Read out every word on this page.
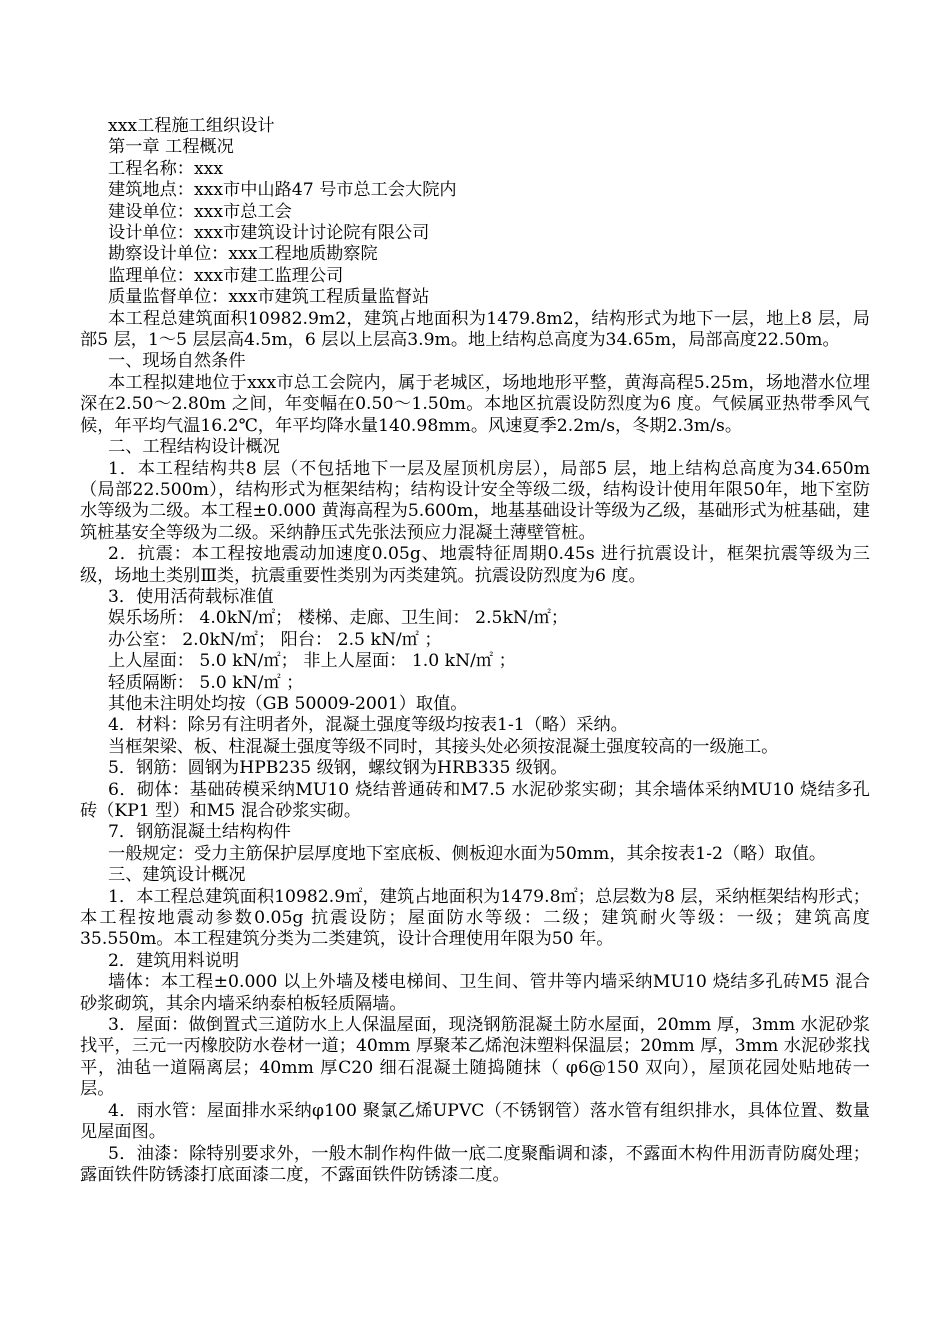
xxx工程施工组织设计

第一章 工程概况

工程名称：xxx

建筑地点：xxx市中山路47 号市总工会大院内

建设单位：xxx市总工会

设计单位：xxx市建筑设计讨论院有限公司

勘察设计单位：xxx工程地质勘察院

监理单位：xxx市建工监理公司

质量监督单位：xxx市建筑工程质量监督站

本工程总建筑面积10982.9m2，建筑占地面积为1479.8m2，结构形式为地下一层，地上8 层，局部5 层，1～5 层层高4.5m，6 层以上层高3.9m。地上结构总高度为34.65m，局部高度22.50m。

一、现场自然条件

本工程拟建地位于xxx市总工会院内，属于老城区，场地地形平整，黄海高程5.25m，场地潜水位埋深在2.50～2.80m 之间，年变幅在0.50～1.50m。本地区抗震设防烈度为6 度。气候属亚热带季风气候，年平均气温16.2℃，年平均降水量140.98mm。风速夏季2.2m/s，冬期2.3m/s。

二、工程结构设计概况

1．本工程结构共8 层（不包括地下一层及屋顶机房层），局部5 层，地上结构总高度为34.650m（局部22.500m），结构形式为框架结构；结构设计安全等级二级，结构设计使用年限50年，地下室防水等级为二级。本工程±0.000 黄海高程为5.600m，地基基础设计等级为乙级，基础形式为桩基础，建筑桩基安全等级为二级。采纳静压式先张法预应力混凝土薄壁管桩。

2．抗震：本工程按地震动加速度0.05g、地震特征周期0.45s 进行抗震设计，框架抗震等级为三级，场地土类别Ⅲ类，抗震重要性类别为丙类建筑。抗震设防烈度为6 度。

3．使用活荷载标准值

娱乐场所： 4.0kN/㎡； 楼梯、走廊、卫生间： 2.5kN/㎡；

办公室： 2.0kN/㎡； 阳台： 2.5 kN/㎡ ；

上人屋面： 5.0 kN/㎡； 非上人屋面： 1.0 kN/㎡ ；

轻质隔断： 5.0 kN/㎡ ；

其他未注明处均按（GB 50009-2001）取值。

4．材料：除另有注明者外，混凝土强度等级均按表1-1（略）采纳。

当框架梁、板、柱混凝土强度等级不同时，其接头处必须按混凝土强度较高的一级施工。

5．钢筋：圆钢为HPB235 级钢，螺纹钢为HRB335 级钢。

6．砌体：基础砖模采纳MU10 烧结普通砖和M7.5 水泥砂浆实砌；其余墙体采纳MU10 烧结多孔砖（KP1 型）和M5 混合砂浆实砌。

7．钢筋混凝土结构构件

一般规定：受力主筋保护层厚度地下室底板、侧板迎水面为50mm，其余按表1-2（略）取值。

三、建筑设计概况

1．本工程总建筑面积10982.9㎡，建筑占地面积为1479.8㎡；总层数为8 层，采纳框架结构形式；本工程按地震动参数0.05g 抗震设防；屋面防水等级：二级；建筑耐火等级：一级；建筑高度35.550m。本工程建筑分类为二类建筑，设计合理使用年限为50 年。

2．建筑用料说明

墙体：本工程±0.000 以上外墙及楼电梯间、卫生间、管井等内墙采纳MU10 烧结多孔砖M5 混合砂浆砌筑，其余内墙采纳泰柏板轻质隔墙。

3．屋面：做倒置式三道防水上人保温屋面，现浇钢筋混凝土防水屋面，20mm 厚，3mm 水泥砂浆找平，三元一丙橡胶防水卷材一道；40mm 厚聚苯乙烯泡沫塑料保温层；20mm 厚，3mm 水泥砂浆找平，油毡一道隔离层；40mm 厚C20 细石混凝土随捣随抹（ φ6@150 双向），屋顶花园处贴地砖一层。

4．雨水管：屋面排水采纳φ100 聚氯乙烯UPVC（不锈钢管）落水管有组织排水，具体位置、数量见屋面图。

5．油漆：除特别要求外，一般木制作构件做一底二度聚酯调和漆，不露面木构件用沥青防腐处理；露面铁件防锈漆打底面漆二度，不露面铁件防锈漆二度。
